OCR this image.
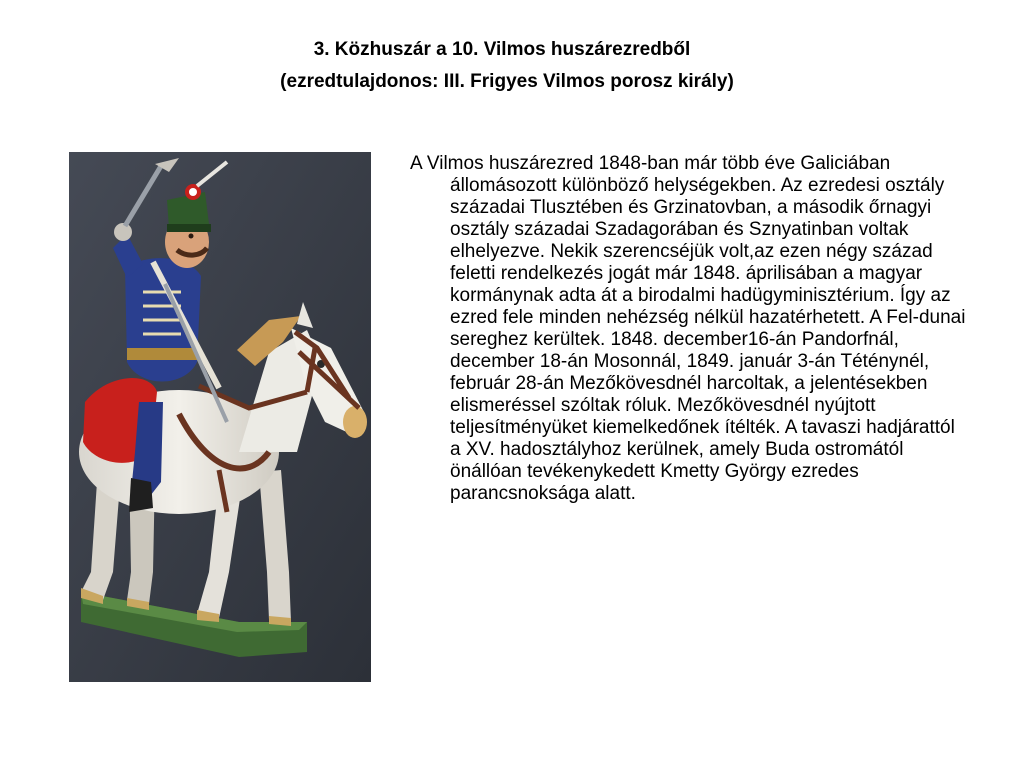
3. Közhuszár a 10. Vilmos huszárezredből
(ezredtulajdonos: III. Frigyes Vilmos porosz király)

A Vilmos huszárezred 1848-ban már több éve Galiciában állomásozott különböző helységekben. Az ezredesi osztály századai Tlusztében és Grzinatovban, a második őrnagyi osztály századai Szadagorában és Sznyatinban voltak elhelyezve. Nekik szerencséjük volt,az ezen négy század feletti rendelkezés jogát már 1848. áprilisában a magyar kormánynak adta át a birodalmi hadügyminisztérium. Így az ezred fele minden nehézség nélkül hazatérhetett. A Fel-dunai sereghez kerültek. 1848. december16-án Pandorfnál, december 18-án Mosonnál, 1849. január 3-án Téténynél, február 28-án Mezőkövesdnél harcoltak, a jelentésekben elismeréssel szóltak róluk. Mezőkövesdnél nyújtott teljesítményüket kiemelkedőnek ítélték. A tavaszi hadjárattól a XV. hadosztályhoz kerülnek, amely Buda ostromától önállóan tevékenykedett Kmetty György ezredes parancsnoksága alatt.
